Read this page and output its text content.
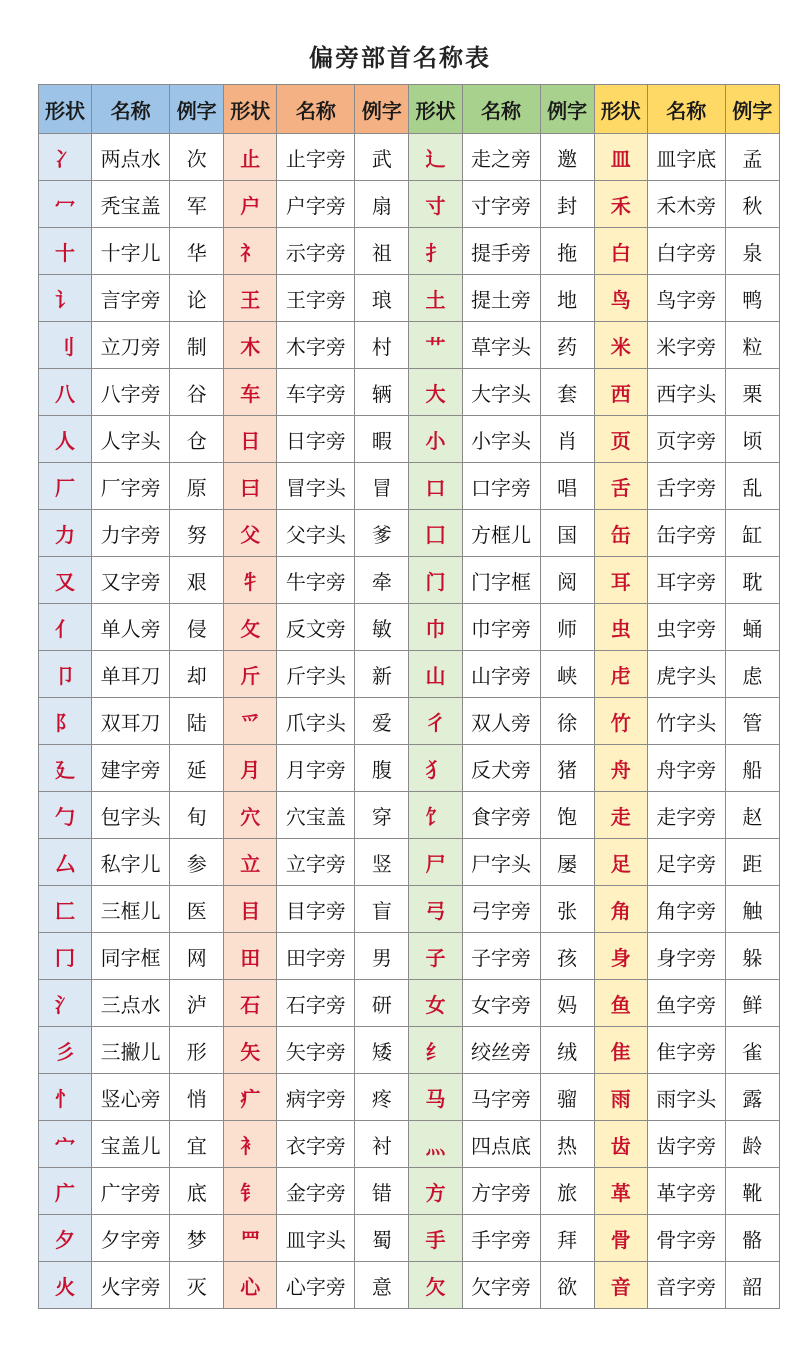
偏旁部首名称表
形状	名称	例字	形状	名称	例字	形状	名称	例字	形状	名称	例字
冫	两点水	次	止	止字旁	武	辶	走之旁	邀	皿	皿字底	孟
冖	秃宝盖	军	户	户字旁	扇	寸	寸字旁	封	禾	禾木旁	秋
十	十字儿	华	礻	示字旁	祖	扌	提手旁	拖	白	白字旁	泉
讠	言字旁	论	王	王字旁	琅	土	提土旁	地	鸟	鸟字旁	鸭
刂	立刀旁	制	木	木字旁	村	艹	草字头	药	米	米字旁	粒
八	八字旁	谷	车	车字旁	辆	大	大字头	套	西	西字头	栗
人	人字头	仓	日	日字旁	暇	小	小字头	肖	页	页字旁	顷
厂	厂字旁	原	曰	冒字头	冒	口	口字旁	唱	舌	舌字旁	乱
力	力字旁	努	父	父字头	爹	囗	方框儿	国	缶	缶字旁	缸
又	又字旁	艰	牜	牛字旁	牵	门	门字框	阅	耳	耳字旁	耽
亻	单人旁	侵	攵	反文旁	敏	巾	巾字旁	师	虫	虫字旁	蛹
卩	单耳刀	却	斤	斤字头	新	山	山字旁	峡	虍	虎字头	虑
阝	双耳刀	陆	爫	爪字头	爱	彳	双人旁	徐	竹	竹字头	管
廴	建字旁	延	月	月字旁	腹	犭	反犬旁	猪	舟	舟字旁	船
勹	包字头	旬	穴	穴宝盖	穿	饣	食字旁	饱	走	走字旁	赵
厶	私字儿	参	立	立字旁	竖	尸	尸字头	屡	足	足字旁	距
匚	三框儿	医	目	目字旁	盲	弓	弓字旁	张	角	角字旁	触
冂	同字框	网	田	田字旁	男	子	子字旁	孩	身	身字旁	躲
氵	三点水	泸	石	石字旁	研	女	女字旁	妈	鱼	鱼字旁	鲜
彡	三撇儿	形	矢	矢字旁	矮	纟	绞丝旁	绒	隹	隹字旁	雀
忄	竖心旁	悄	疒	病字旁	疼	马	马字旁	骝	雨	雨字头	露
宀	宝盖儿	宜	衤	衣字旁	衬	灬	四点底	热	齿	齿字旁	龄
广	广字旁	底	钅	金字旁	错	方	方字旁	旅	革	革字旁	靴
夕	夕字旁	梦	罒	皿字头	蜀	手	手字旁	拜	骨	骨字旁	骼
火	火字旁	灭	心	心字旁	意	欠	欠字旁	欲	音	音字旁	韶
